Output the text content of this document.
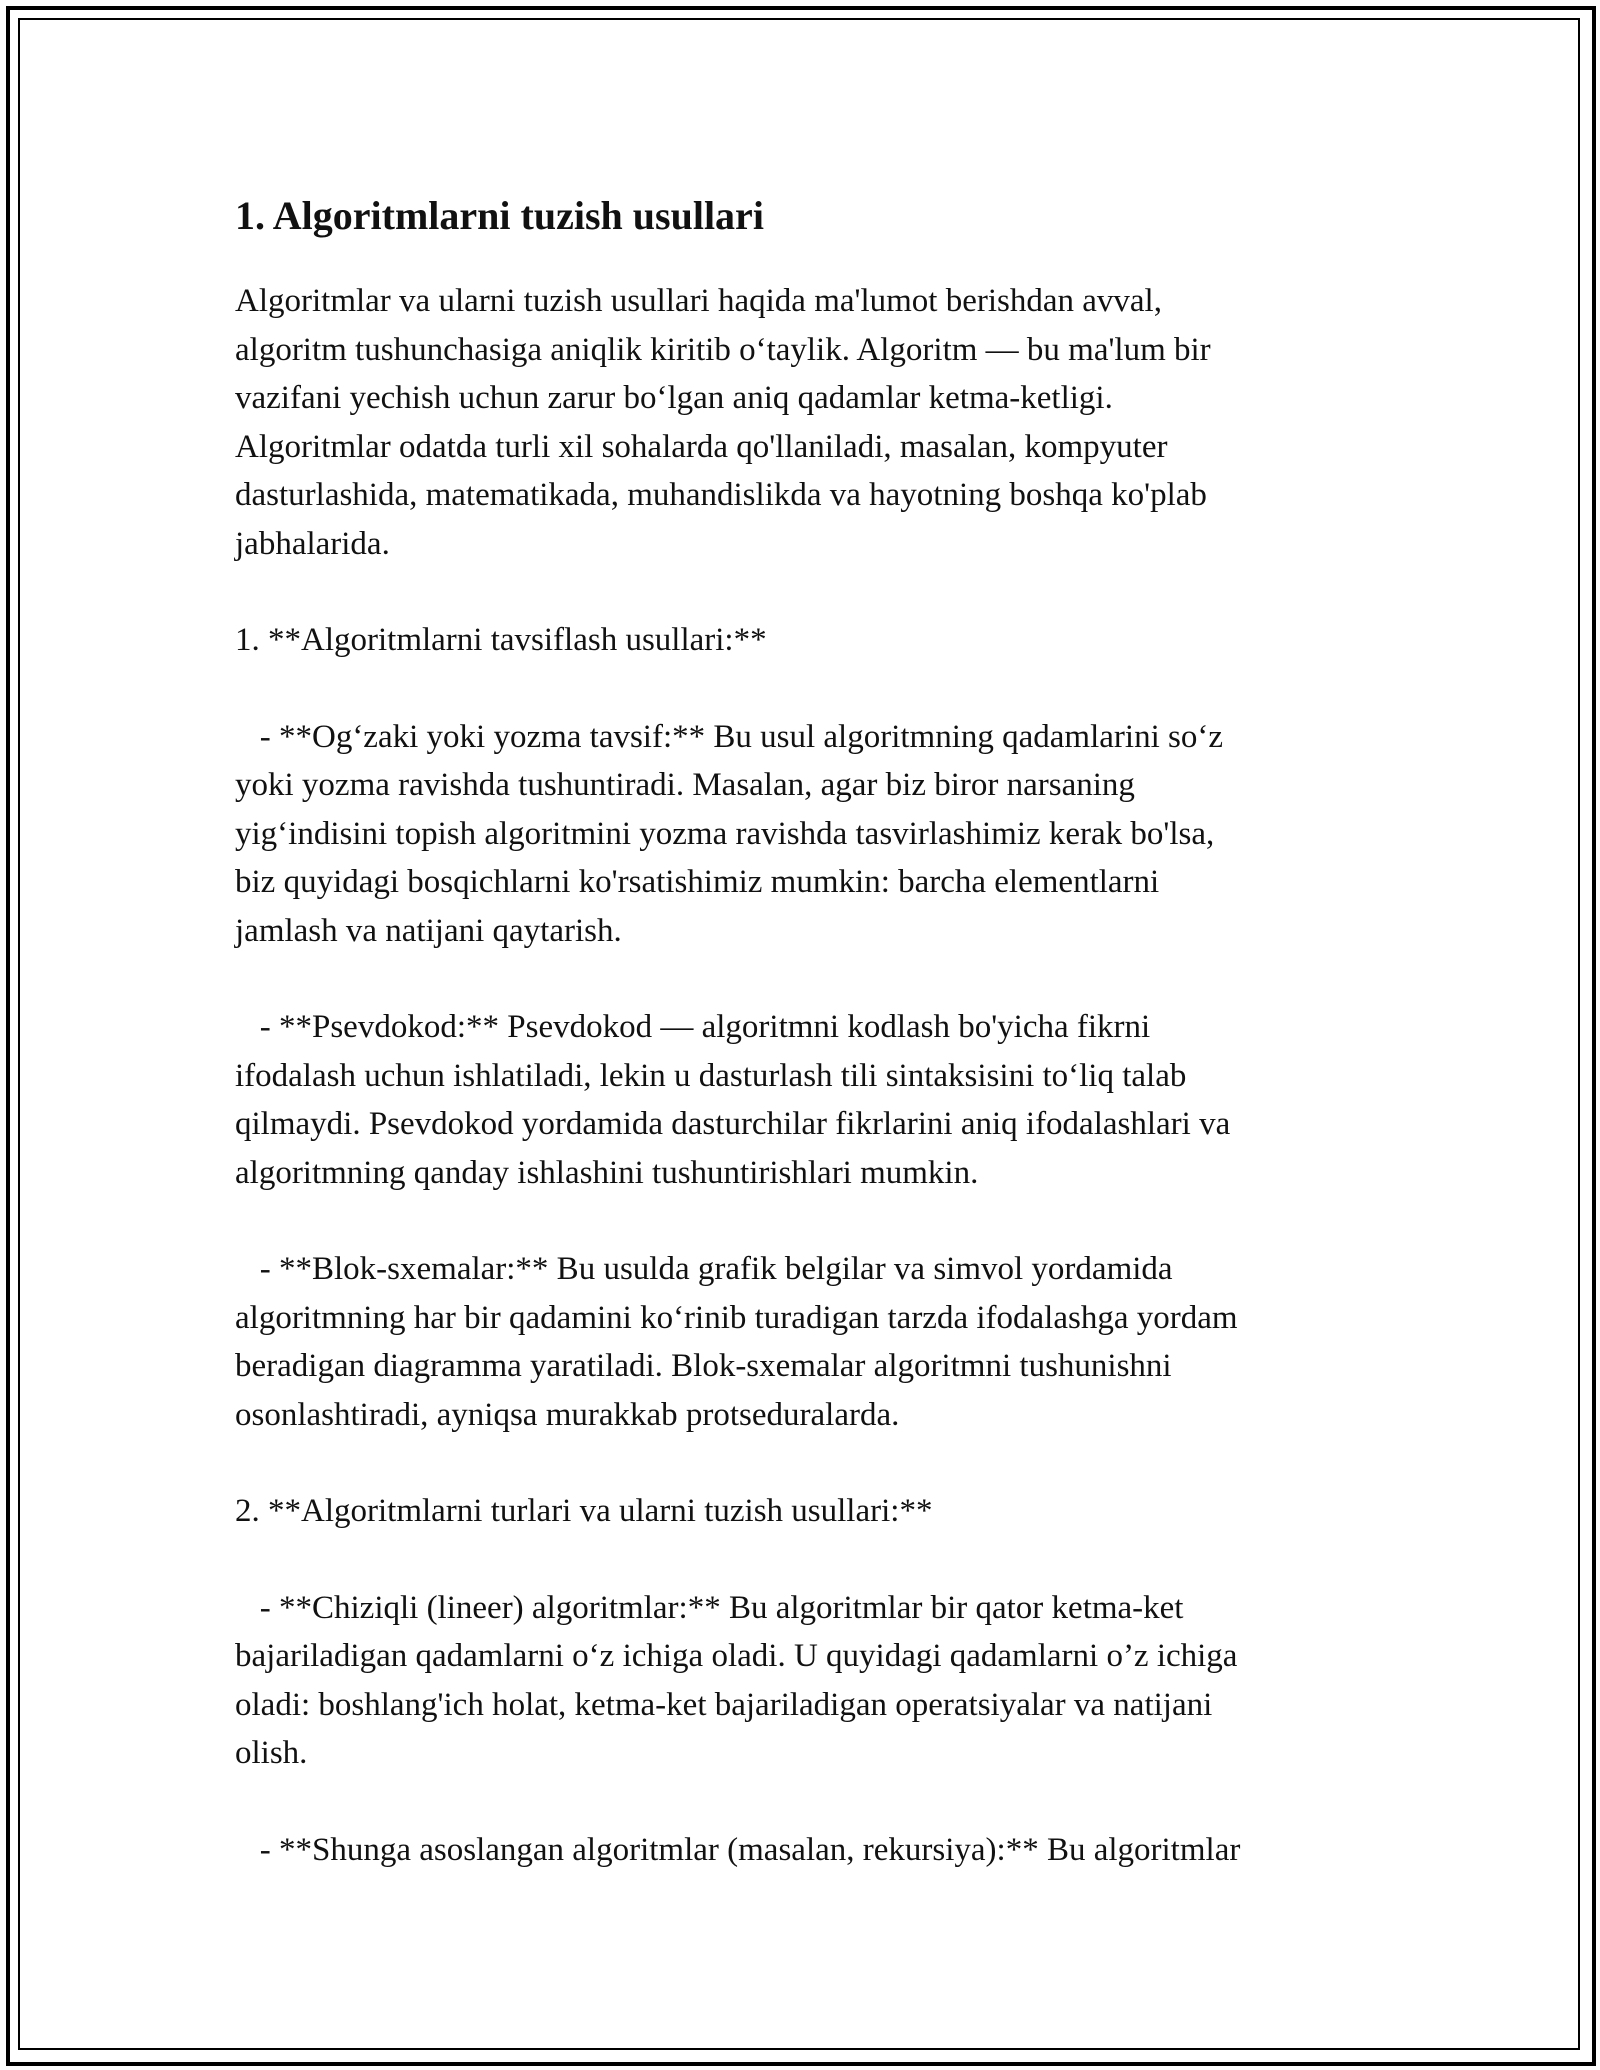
1. Algoritmlarni tuzish usullari

Algoritmlar va ularni tuzish usullari haqida ma'lumot berishdan avval,
algoritm tushunchasiga aniqlik kiritib o‘taylik. Algoritm — bu ma'lum bir
vazifani yechish uchun zarur bo‘lgan aniq qadamlar ketma-ketligi.
Algoritmlar odatda turli xil sohalarda qo'llaniladi, masalan, kompyuter
dasturlashida, matematikada, muhandislikda va hayotning boshqa ko'plab
jabhalarida.

1. **Algoritmlarni tavsiflash usullari:**

- **Og‘zaki yoki yozma tavsif:** Bu usul algoritmning qadamlarini so‘z
yoki yozma ravishda tushuntiradi. Masalan, agar biz biror narsaning
yig‘indisini topish algoritmini yozma ravishda tasvirlashimiz kerak bo'lsa,
biz quyidagi bosqichlarni ko'rsatishimiz mumkin: barcha elementlarni
jamlash va natijani qaytarish.

- **Psevdokod:** Psevdokod — algoritmni kodlash bo'yicha fikrni
ifodalash uchun ishlatiladi, lekin u dasturlash tili sintaksisini to‘liq talab
qilmaydi. Psevdokod yordamida dasturchilar fikrlarini aniq ifodalashlari va
algoritmning qanday ishlashini tushuntirishlari mumkin.

- **Blok-sxemalar:** Bu usulda grafik belgilar va simvol yordamida
algoritmning har bir qadamini ko‘rinib turadigan tarzda ifodalashga yordam
beradigan diagramma yaratiladi. Blok-sxemalar algoritmni tushunishni
osonlashtiradi, ayniqsa murakkab protseduralarda.

2. **Algoritmlarni turlari va ularni tuzish usullari:**

- **Chiziqli (lineer) algoritmlar:** Bu algoritmlar bir qator ketma-ket
bajariladigan qadamlarni o‘z ichiga oladi. U quyidagi qadamlarni o’z ichiga
oladi: boshlang'ich holat, ketma-ket bajariladigan operatsiyalar va natijani
olish.

- **Shunga asoslangan algoritmlar (masalan, rekursiya):** Bu algoritmlar
